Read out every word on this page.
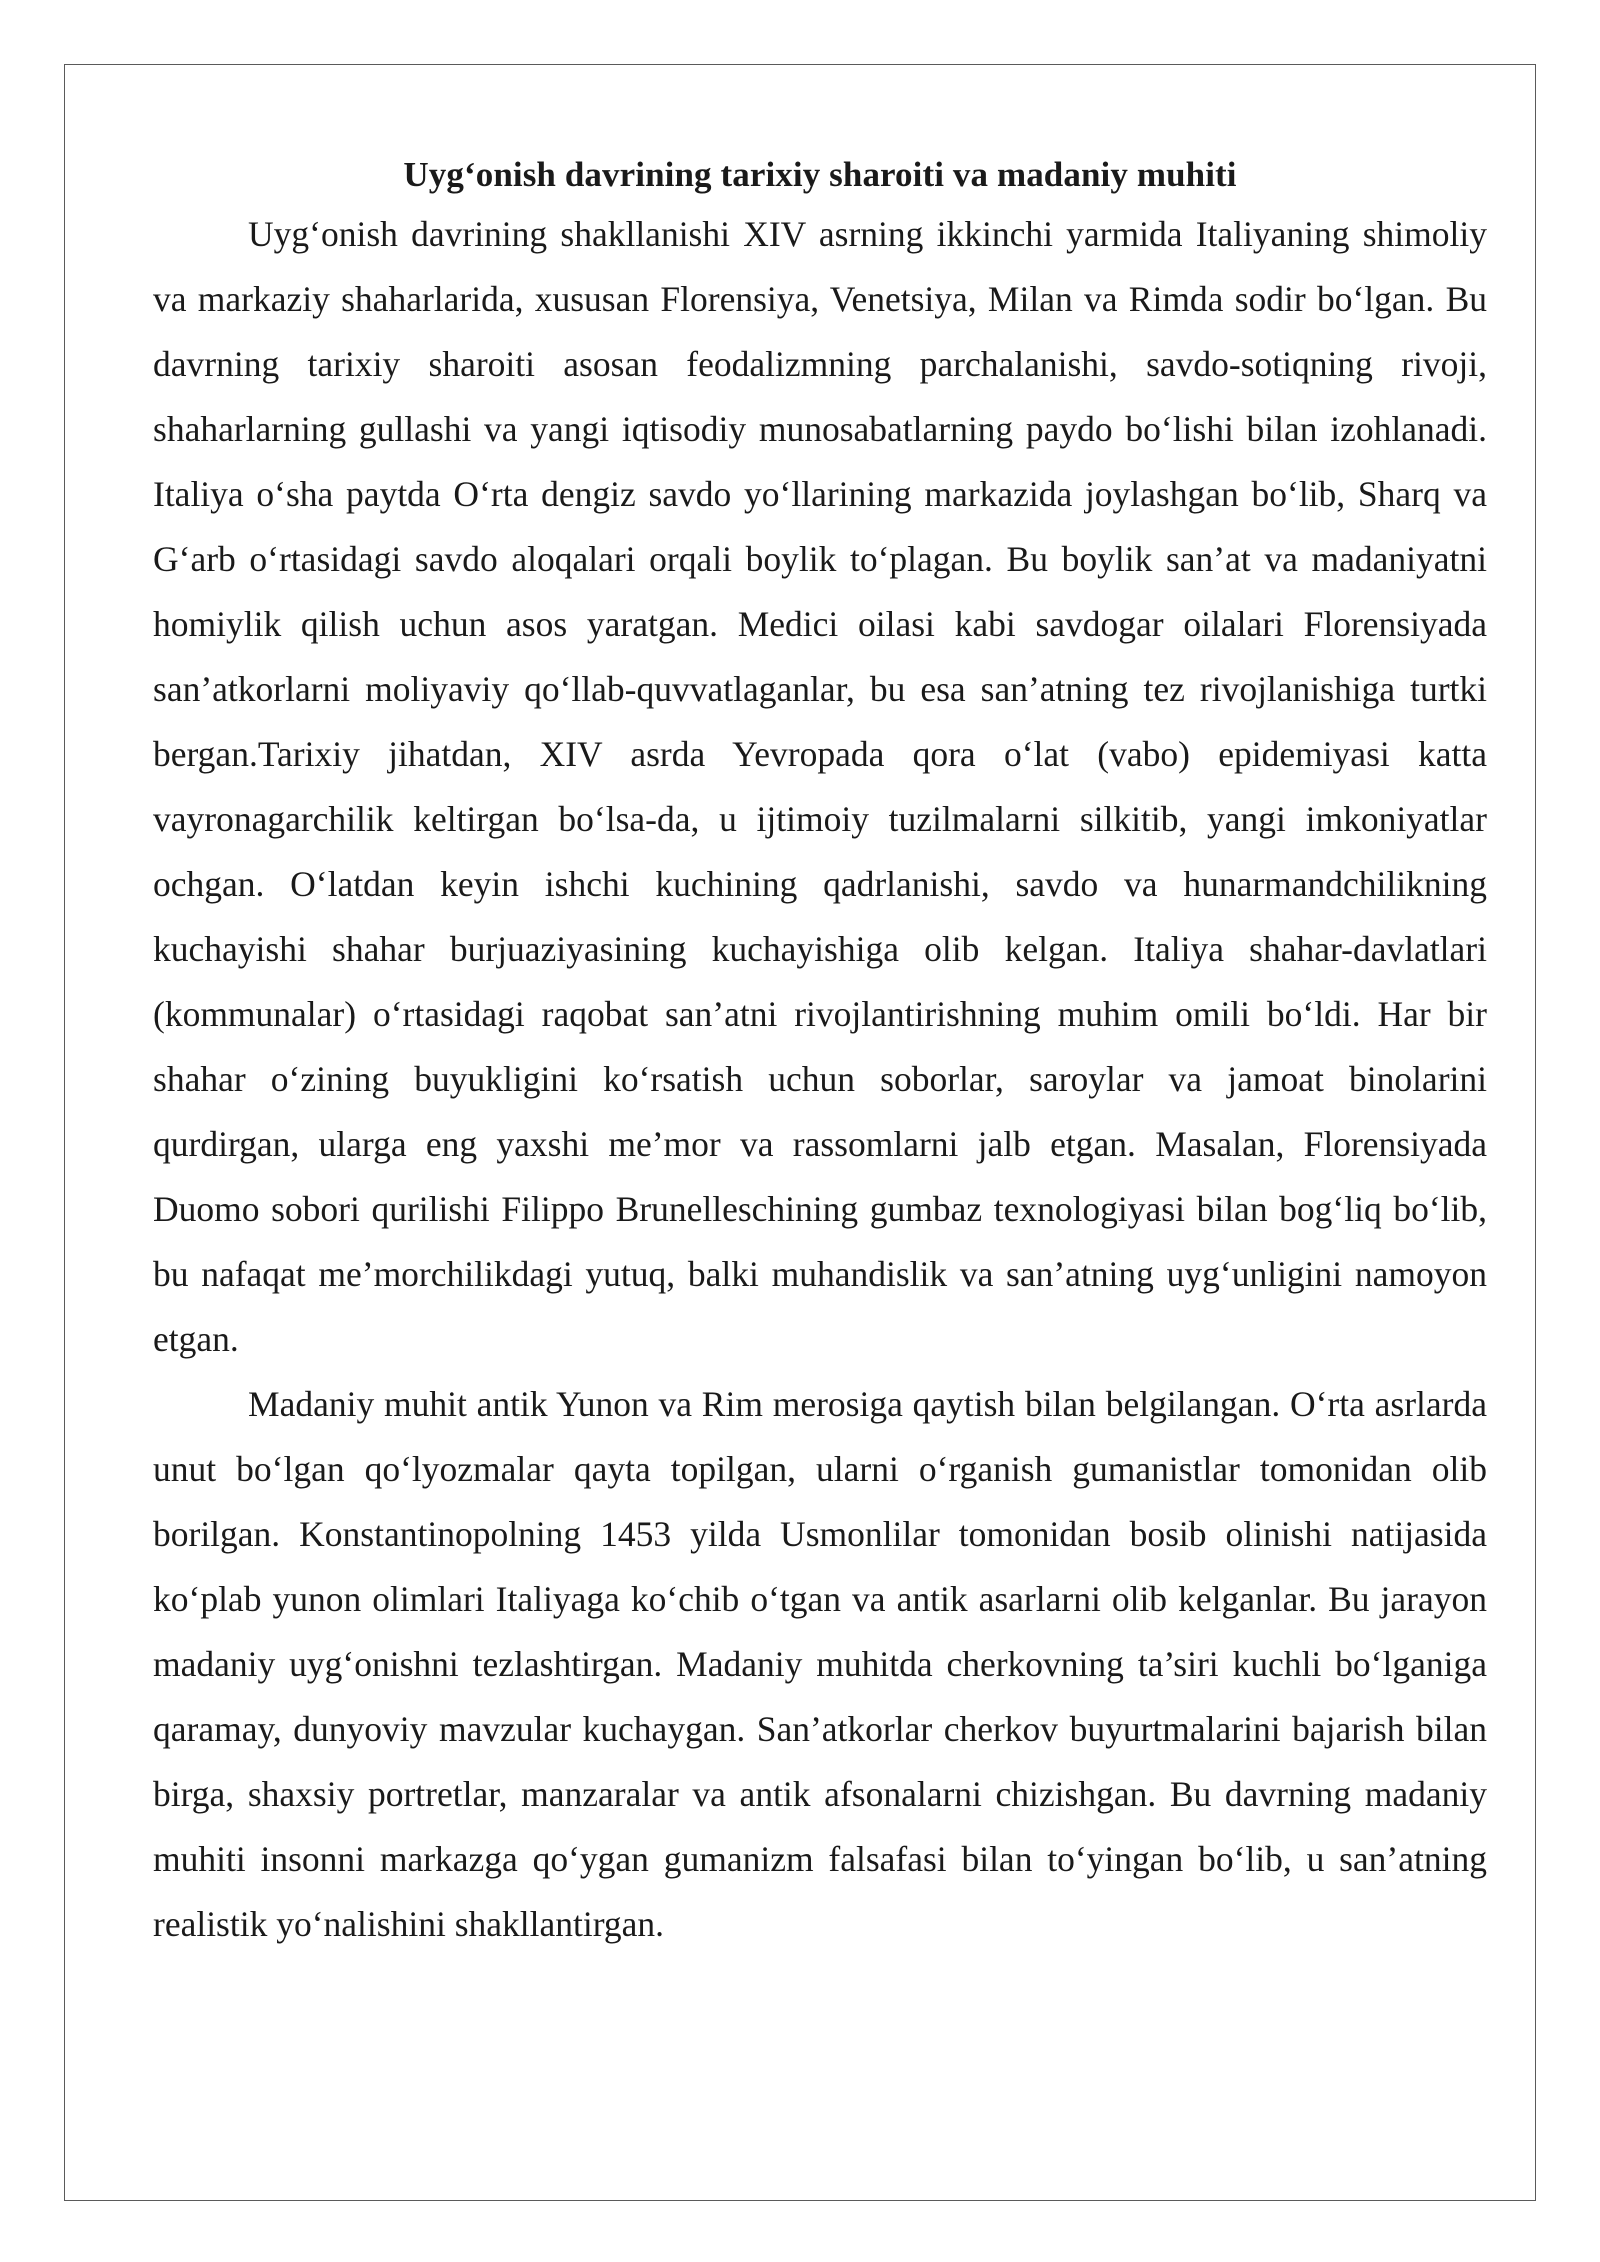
Uyg‘onish davrining tarixiy sharoiti va madaniy muhiti

Uyg‘onish davrining shakllanishi XIV asrning ikkinchi yarmida Italiyaning shimoliy va markaziy shaharlarida, xususan Florensiya, Venetsiya, Milan va Rimda sodir bo‘lgan. Bu davrning tarixiy sharoiti asosan feodalizmning parchalanishi, savdo-sotiqning rivoji, shaharlarning gullashi va yangi iqtisodiy munosabatlarning paydo bo‘lishi bilan izohlanadi. Italiya o‘sha paytda O‘rta dengiz savdo yo‘llarining markazida joylashgan bo‘lib, Sharq va G‘arb o‘rtasidagi savdo aloqalari orqali boylik to‘plagan. Bu boylik san’at va madaniyatni homiylik qilish uchun asos yaratgan. Medici oilasi kabi savdogar oilalari Florensiyada san’atkorlarni moliyaviy qo‘llab-quvvatlaganlar, bu esa san’atning tez rivojlanishiga turtki bergan.Tarixiy jihatdan, XIV asrda Yevropada qora o‘lat (vabo) epidemiyasi katta vayronagarchilik keltirgan bo‘lsa-da, u ijtimoiy tuzilmalarni silkitib, yangi imkoniyatlar ochgan. O‘latdan keyin ishchi kuchining qadrlanishi, savdo va hunarmandchilikning kuchayishi shahar burjuaziyasining kuchayishiga olib kelgan. Italiya shahar-davlatlari (kommunalar) o‘rtasidagi raqobat san’atni rivojlantirishning muhim omili bo‘ldi. Har bir shahar o‘zining buyukligini ko‘rsatish uchun soborlar, saroylar va jamoat binolarini qurdirgan, ularga eng yaxshi me’mor va rassomlarni jalb etgan. Masalan, Florensiyada Duomo sobori qurilishi Filippo Brunelleschining gumbaz texnologiyasi bilan bog‘liq bo‘lib, bu nafaqat me’morchilikdagi yutuq, balki muhandislik va san’atning uyg‘unligini namoyon etgan.

Madaniy muhit antik Yunon va Rim merosiga qaytish bilan belgilangan. O‘rta asrlarda unut bo‘lgan qo‘lyozmalar qayta topilgan, ularni o‘rganish gumanistlar tomonidan olib borilgan. Konstantinopolning 1453 yilda Usmonlilar tomonidan bosib olinishi natijasida ko‘plab yunon olimlari Italiyaga ko‘chib o‘tgan va antik asarlarni olib kelganlar. Bu jarayon madaniy uyg‘onishni tezlashtirgan. Madaniy muhitda cherkovning ta’siri kuchli bo‘lganiga qaramay, dunyoviy mavzular kuchaygan. San’atkorlar cherkov buyurtmalarini bajarish bilan birga, shaxsiy portretlar, manzaralar va antik afsonalarni chizishgan. Bu davrning madaniy muhiti insonni markazga qo‘ygan gumanizm falsafasi bilan to‘yingan bo‘lib, u san’atning realistik yo‘nalishini shakllantirgan.
